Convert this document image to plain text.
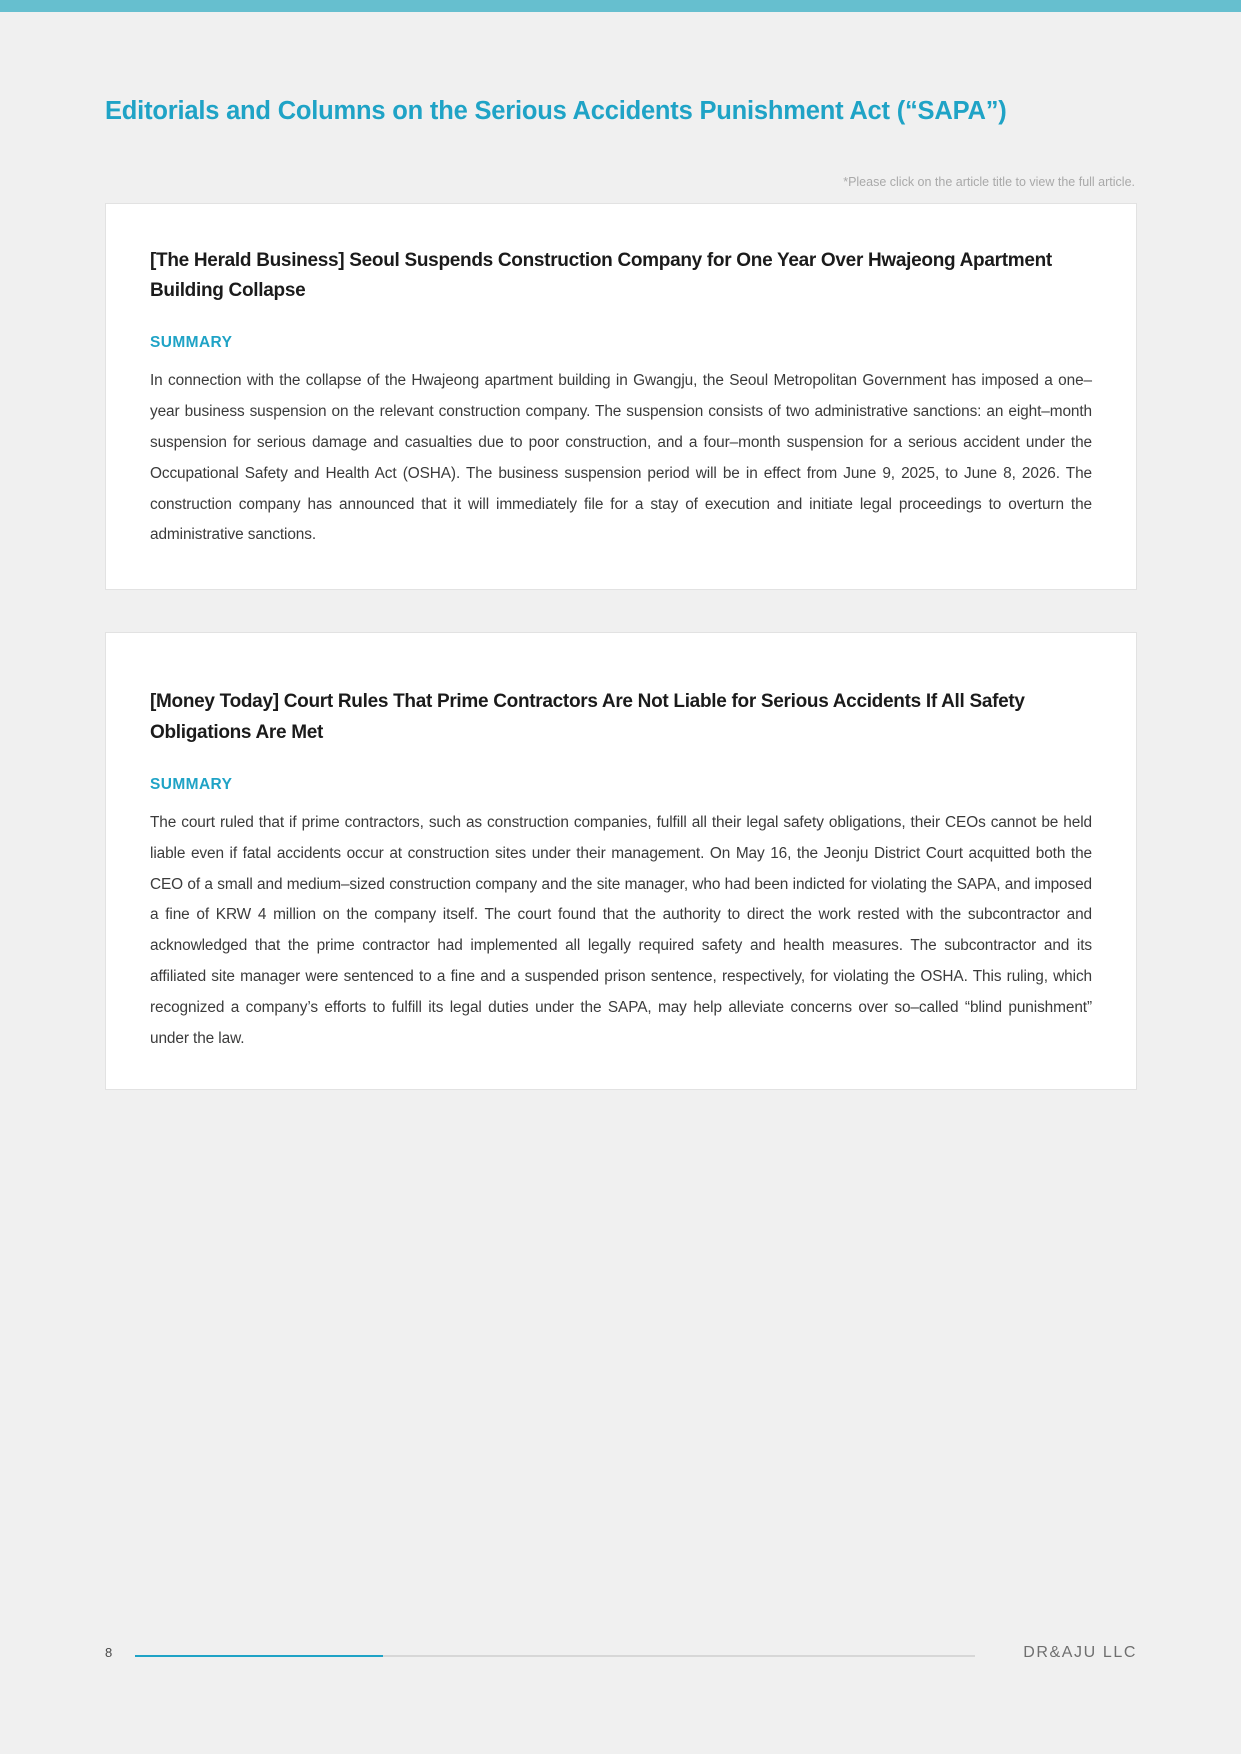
Editorials and Columns on the Serious Accidents Punishment Act (“SAPA”)
*Please click on the article title to view the full article.
[The Herald Business] Seoul Suspends Construction Company for One Year Over Hwajeong Apartment Building Collapse
SUMMARY
In connection with the collapse of the Hwajeong apartment building in Gwangju, the Seoul Metropolitan Government has imposed a one–year business suspension on the relevant construction company. The suspension consists of two administrative sanctions: an eight–month suspension for serious damage and casualties due to poor construction, and a four–month suspension for a serious accident under the Occupational Safety and Health Act (OSHA). The business suspension period will be in effect from June 9, 2025, to June 8, 2026. The construction company has announced that it will immediately file for a stay of execution and initiate legal proceedings to overturn the administrative sanctions.
[Money Today] Court Rules That Prime Contractors Are Not Liable for Serious Accidents If All Safety Obligations Are Met
SUMMARY
The court ruled that if prime contractors, such as construction companies, fulfill all their legal safety obligations, their CEOs cannot be held liable even if fatal accidents occur at construction sites under their management. On May 16, the Jeonju District Court acquitted both the CEO of a small and medium–sized construction company and the site manager, who had been indicted for violating the SAPA, and imposed a fine of KRW 4 million on the company itself. The court found that the authority to direct the work rested with the subcontractor and acknowledged that the prime contractor had implemented all legally required safety and health measures. The subcontractor and its affiliated site manager were sentenced to a fine and a suspended prison sentence, respectively, for violating the OSHA. This ruling, which recognized a company’s efforts to fulfill its legal duties under the SAPA, may help alleviate concerns over so–called “blind punishment” under the law.
8	DR&AJU LLC
